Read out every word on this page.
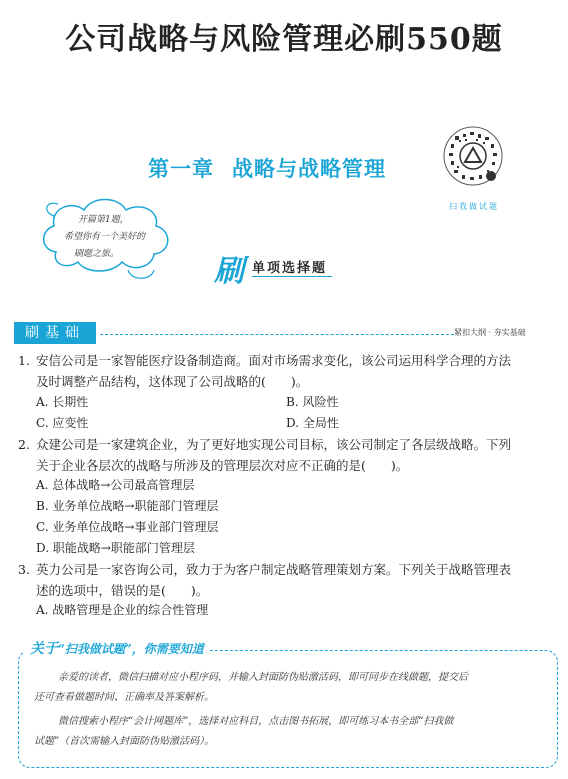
公司战略与风险管理必刷550题
第一章 战略与战略管理
扫我做试题
开篇第1题，
希望你有一个美好的
刷题之旅。	刷 单项选择题
刷基础	紧扣大纲 · 夯实基础
1. 安信公司是一家智能医疗设备制造商。面对市场需求变化，该公司运用科学合理的方法
及时调整产品结构，这体现了公司战略的(　　)。
A. 长期性	B. 风险性
C. 应变性	D. 全局性
2. 众建公司是一家建筑企业，为了更好地实现公司目标，该公司制定了各层级战略。下列
关于企业各层次的战略与所涉及的管理层次对应不正确的是(　　)。
A. 总体战略→公司最高管理层
B. 业务单位战略→职能部门管理层
C. 业务单位战略→事业部门管理层
D. 职能战略→职能部门管理层
3. 英力公司是一家咨询公司，致力于为客户制定战略管理策划方案。下列关于战略管理表
述的选项中，错误的是(　　)。
A. 战略管理是企业的综合性管理
关于“扫我做试题”，你需要知道
亲爱的读者，微信扫描对应小程序码，并输入封面防伪贴激活码，即可同步在线做题，提交后
还可查看做题时间、正确率及答案解析。
微信搜索小程序“会计网题库”，选择对应科目，点击图书拓展，即可练习本书全部“扫我做
试题”（首次需输入封面防伪贴激活码）。
